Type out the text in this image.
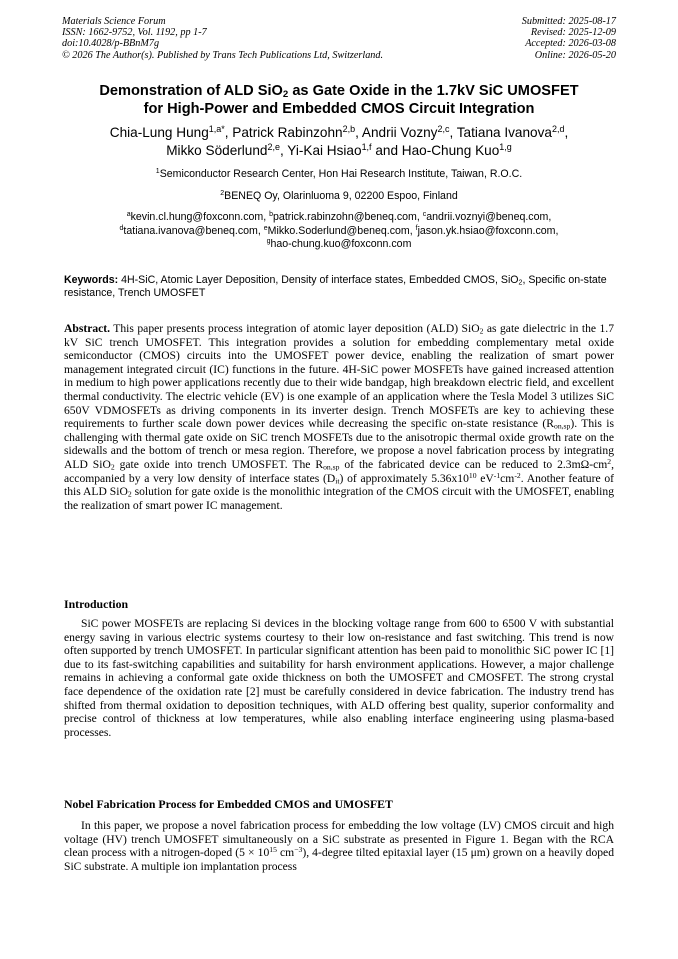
Materials Science Forum
ISSN: 1662-9752, Vol. 1192, pp 1-7
doi:10.4028/p-BBnM7g
© 2026 The Author(s). Published by Trans Tech Publications Ltd, Switzerland.
Submitted: 2025-08-17
Revised: 2025-12-09
Accepted: 2026-03-08
Online: 2026-05-20
Demonstration of ALD SiO$_2$ as Gate Oxide in the 1.7kV SiC UMOSFET
for High-Power and Embedded CMOS Circuit Integration
Chia-Lung Hung$^{1,a*}$, Patrick Rabinzohn$^{2,b}$, Andrii Vozny$^{2,c}$, Tatiana Ivanova$^{2,d}$,
Mikko Söderlund$^{2,e}$, Yi-Kai Hsiao$^{1,f}$ and Hao-Chung Kuo$^{1,g}$
$^1$Semiconductor Research Center, Hon Hai Research Institute, Taiwan, R.O.C.
$^2$BENEQ Oy, Olarinluoma 9, 02200 Espoo, Finland
$^a$kevin.cl.hung@foxconn.com, $^b$patrick.rabinzohn@beneq.com, $^c$andrii.voznyi@beneq.com,
$^d$tatiana.ivanova@beneq.com, $^e$Mikko.Soderlund@beneq.com, $^f$jason.yk.hsiao@foxconn.com,
$^g$hao-chung.kuo@foxconn.com
Keywords: 4H-SiC, Atomic Layer Deposition, Density of interface states, Embedded CMOS, SiO$_2$, Specific on-state resistance, Trench UMOSFET
Abstract. This paper presents process integration of atomic layer deposition (ALD) SiO$_2$ as gate dielectric in the 1.7 kV SiC trench UMOSFET. This integration provides a solution for embedding complementary metal oxide semiconductor (CMOS) circuits into the UMOSFET power device, enabling the realization of smart power management integrated circuit (IC) functions in the future. 4H-SiC power MOSFETs have gained increased attention in medium to high power applications recently due to their wide bandgap, high breakdown electric field, and excellent thermal conductivity. The electric vehicle (EV) is one example of an application where the Tesla Model 3 utilizes SiC 650V VDMOSFETs as driving components in its inverter design. Trench MOSFETs are key to achieving these requirements to further scale down power devices while decreasing the specific on-state resistance $(R_{on,sp})$. This is challenging with thermal gate oxide on SiC trench MOSFETs due to the anisotropic thermal oxide growth rate on the sidewalls and the bottom of trench or mesa region. Therefore, we propose a novel fabrication process by integrating ALD SiO$_2$ gate oxide into trench UMOSFET. The $R_{on,sp}$ of the fabricated device can be reduced to $2.3m\Omega-cm^2$, accompanied by a very low density of interface states $(D_{it})$ of approximately $5.36x10^{10}$ $eV^{-1}cm^{-2}$. Another feature of this ALD SiO$_2$ solution for gate oxide is the monolithic integration of the CMOS circuit with the UMOSFET, enabling the realization of smart power IC management.
Introduction
SiC power MOSFETs are replacing Si devices in the blocking voltage range from 600 to 6500 V with substantial energy saving in various electric systems courtesy to their low on-resistance and fast switching. This trend is now often supported by trench UMOSFET. In particular significant attention has been paid to monolithic SiC power IC [1] due to its fast-switching capabilities and suitability for harsh environment applications. However, a major challenge remains in achieving a conformal gate oxide thickness on both the UMOSFET and CMOSFET. The strong crystal face dependence of the oxidation rate [2] must be carefully considered in device fabrication. The industry trend has shifted from thermal oxidation to deposition techniques, with ALD offering best quality, superior conformality and precise control of thickness at low temperatures, while also enabling interface engineering using plasma-based processes.
Nobel Fabrication Process for Embedded CMOS and UMOSFET
In this paper, we propose a novel fabrication process for embedding the low voltage (LV) CMOS circuit and high voltage (HV) trench UMOSFET simultaneously on a SiC substrate as presented in Figure 1. Began with the RCA clean process with a nitrogen-doped ($5 \times 10^{15}$ $cm^{-3}$), 4-degree tilted epitaxial layer (15 μm) grown on a heavily doped SiC substrate. A multiple ion implantation process
